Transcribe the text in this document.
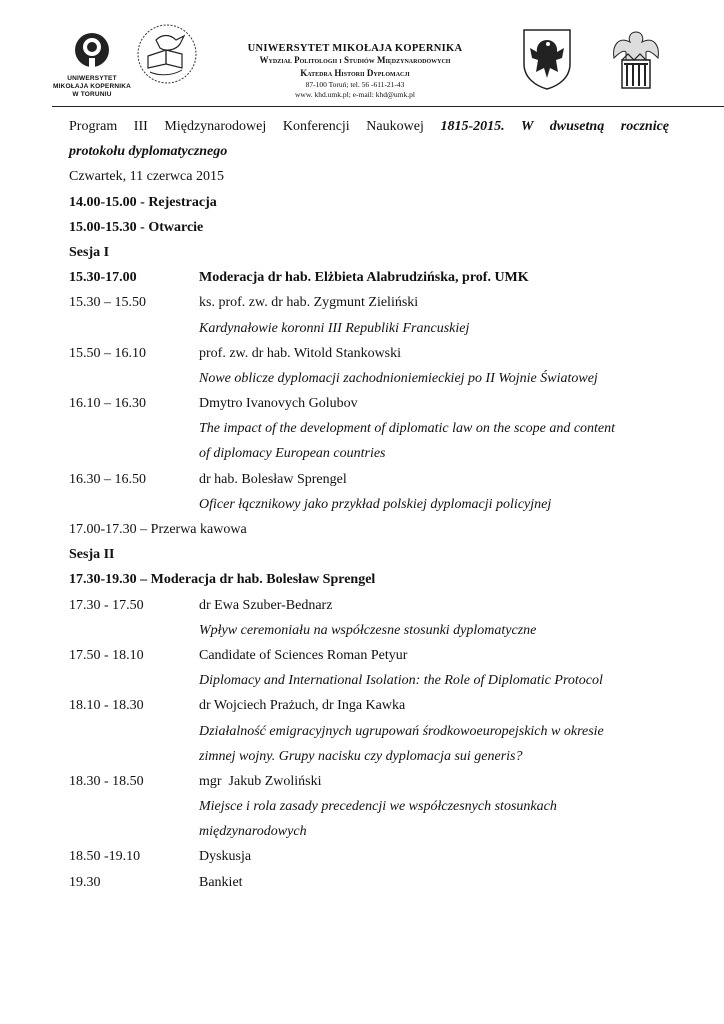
UNIWERSYTET
MIKOŁAJA KOPERNIKA
W TORUNIU
UNIWERSYTET MIKOŁAJA KOPERNIKA
Wydział Politologii i Studiów Międzynarodowych
Katedra Historii Dyplomacji
87-100 Toruń; tel. 56 -611-21-43
www. khd.umk.pl; e-mail: khd@umk.pl
Program III Międzynarodowej Konferencji Naukowej 1815-2015. W dwusetną rocznicę
protokołu dyplomatycznego
Czwartek, 11 czerwca 2015
14.00-15.00 - Rejestracja
15.00-15.30 - Otwarcie
Sesja I
15.30-17.00	Moderacja dr hab. Elżbieta Alabrudzińska, prof. UMK
15.30 – 15.50	ks. prof. zw. dr hab. Zygmunt Zieliński
Kardynałowie koronni III Republiki Francuskiej
15.50 – 16.10	prof. zw. dr hab. Witold Stankowski
Nowe oblicze dyplomacji zachodnioniemieckiej po II Wojnie Światowej
16.10 – 16.30	Dmytro Ivanovych Golubov
The impact of the development of diplomatic law on the scope and content
of diplomacy European countries
16.30 – 16.50	dr hab. Bolesław Sprengel
Oficer łącznikowy jako przykład polskiej dyplomacji policyjnej
17.00-17.30 – Przerwa kawowa
Sesja II
17.30-19.30 – Moderacja dr hab. Bolesław Sprengel
17.30 - 17.50	dr Ewa Szuber-Bednarz
Wpływ ceremoniału na współczesne stosunki dyplomatyczne
17.50 - 18.10	Candidate of Sciences Roman Petyur
Diplomacy and International Isolation: the Role of Diplomatic Protocol
18.10 - 18.30	dr Wojciech Prażuch, dr Inga Kawka
Działalność emigracyjnych ugrupowań środkowoeuropejskich w okresie
zimnej wojny. Grupy nacisku czy dyplomacja sui generis?
18.30 - 18.50	mgr  Jakub Zwoliński
Miejsce i rola zasady precedencji we współczesnych stosunkach
międzynarodowych
18.50 -19.10	Dyskusja
19.30	Bankiet
